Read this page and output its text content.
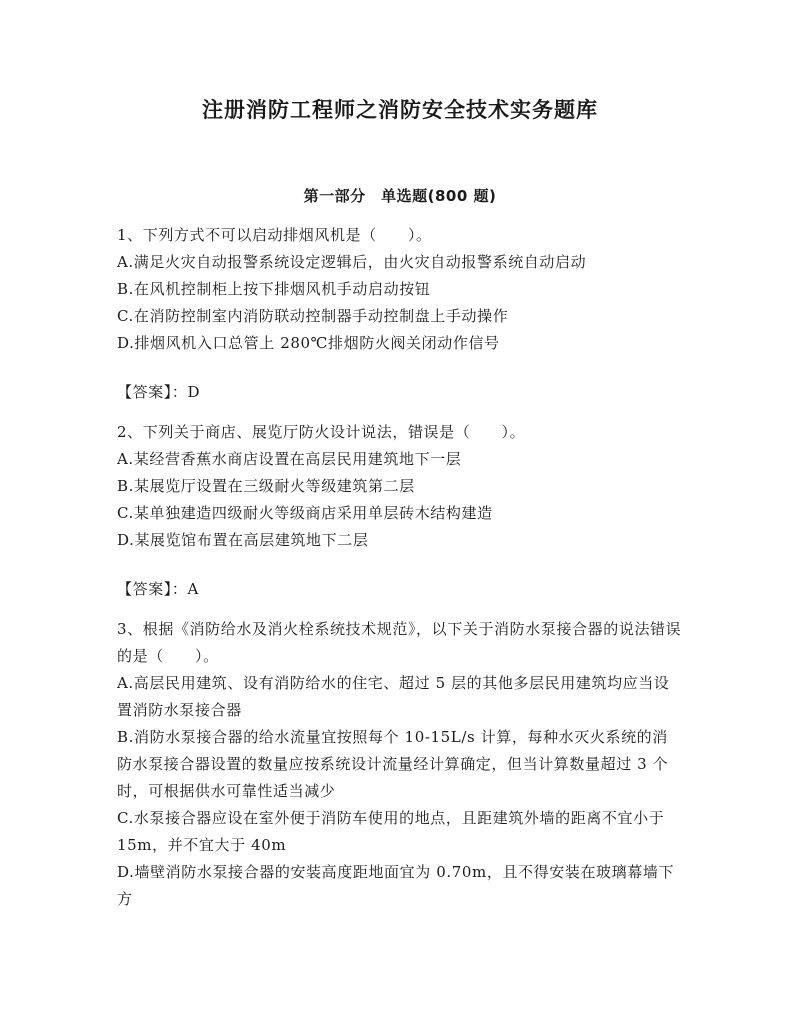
注册消防工程师之消防安全技术实务题库
第一部分　单选题(800 题)

1、下列方式不可以启动排烟风机是（　　）。

A.满足火灾自动报警系统设定逻辑后，由火灾自动报警系统自动启动

B.在风机控制柜上按下排烟风机手动启动按钮

C.在消防控制室内消防联动控制器手动控制盘上手动操作

D.排烟风机入口总管上 280℃排烟防火阀关闭动作信号

【答案】：D

2、下列关于商店、展览厅防火设计说法，错误是（　　）。

A.某经营香蕉水商店设置在高层民用建筑地下一层

B.某展览厅设置在三级耐火等级建筑第二层

C.某单独建造四级耐火等级商店采用单层砖木结构建造

D.某展览馆布置在高层建筑地下二层

【答案】：A

3、根据《消防给水及消火栓系统技术规范》，以下关于消防水泵接合器的说法错误的是（　　）。

A.高层民用建筑、设有消防给水的住宅、超过 5 层的其他多层民用建筑均应当设置消防水泵接合器

B.消防水泵接合器的给水流量宜按照每个 10-15L/s 计算，每种水灭火系统的消防水泵接合器设置的数量应按系统设计流量经计算确定，但当计算数量超过 3 个时，可根据供水可靠性适当减少

C.水泵接合器应设在室外便于消防车使用的地点，且距建筑外墙的距离不宜小于 15m，并不宜大于 40m

D.墙壁消防水泵接合器的安装高度距地面宜为 0.70m，且不得安装在玻璃幕墙下方
